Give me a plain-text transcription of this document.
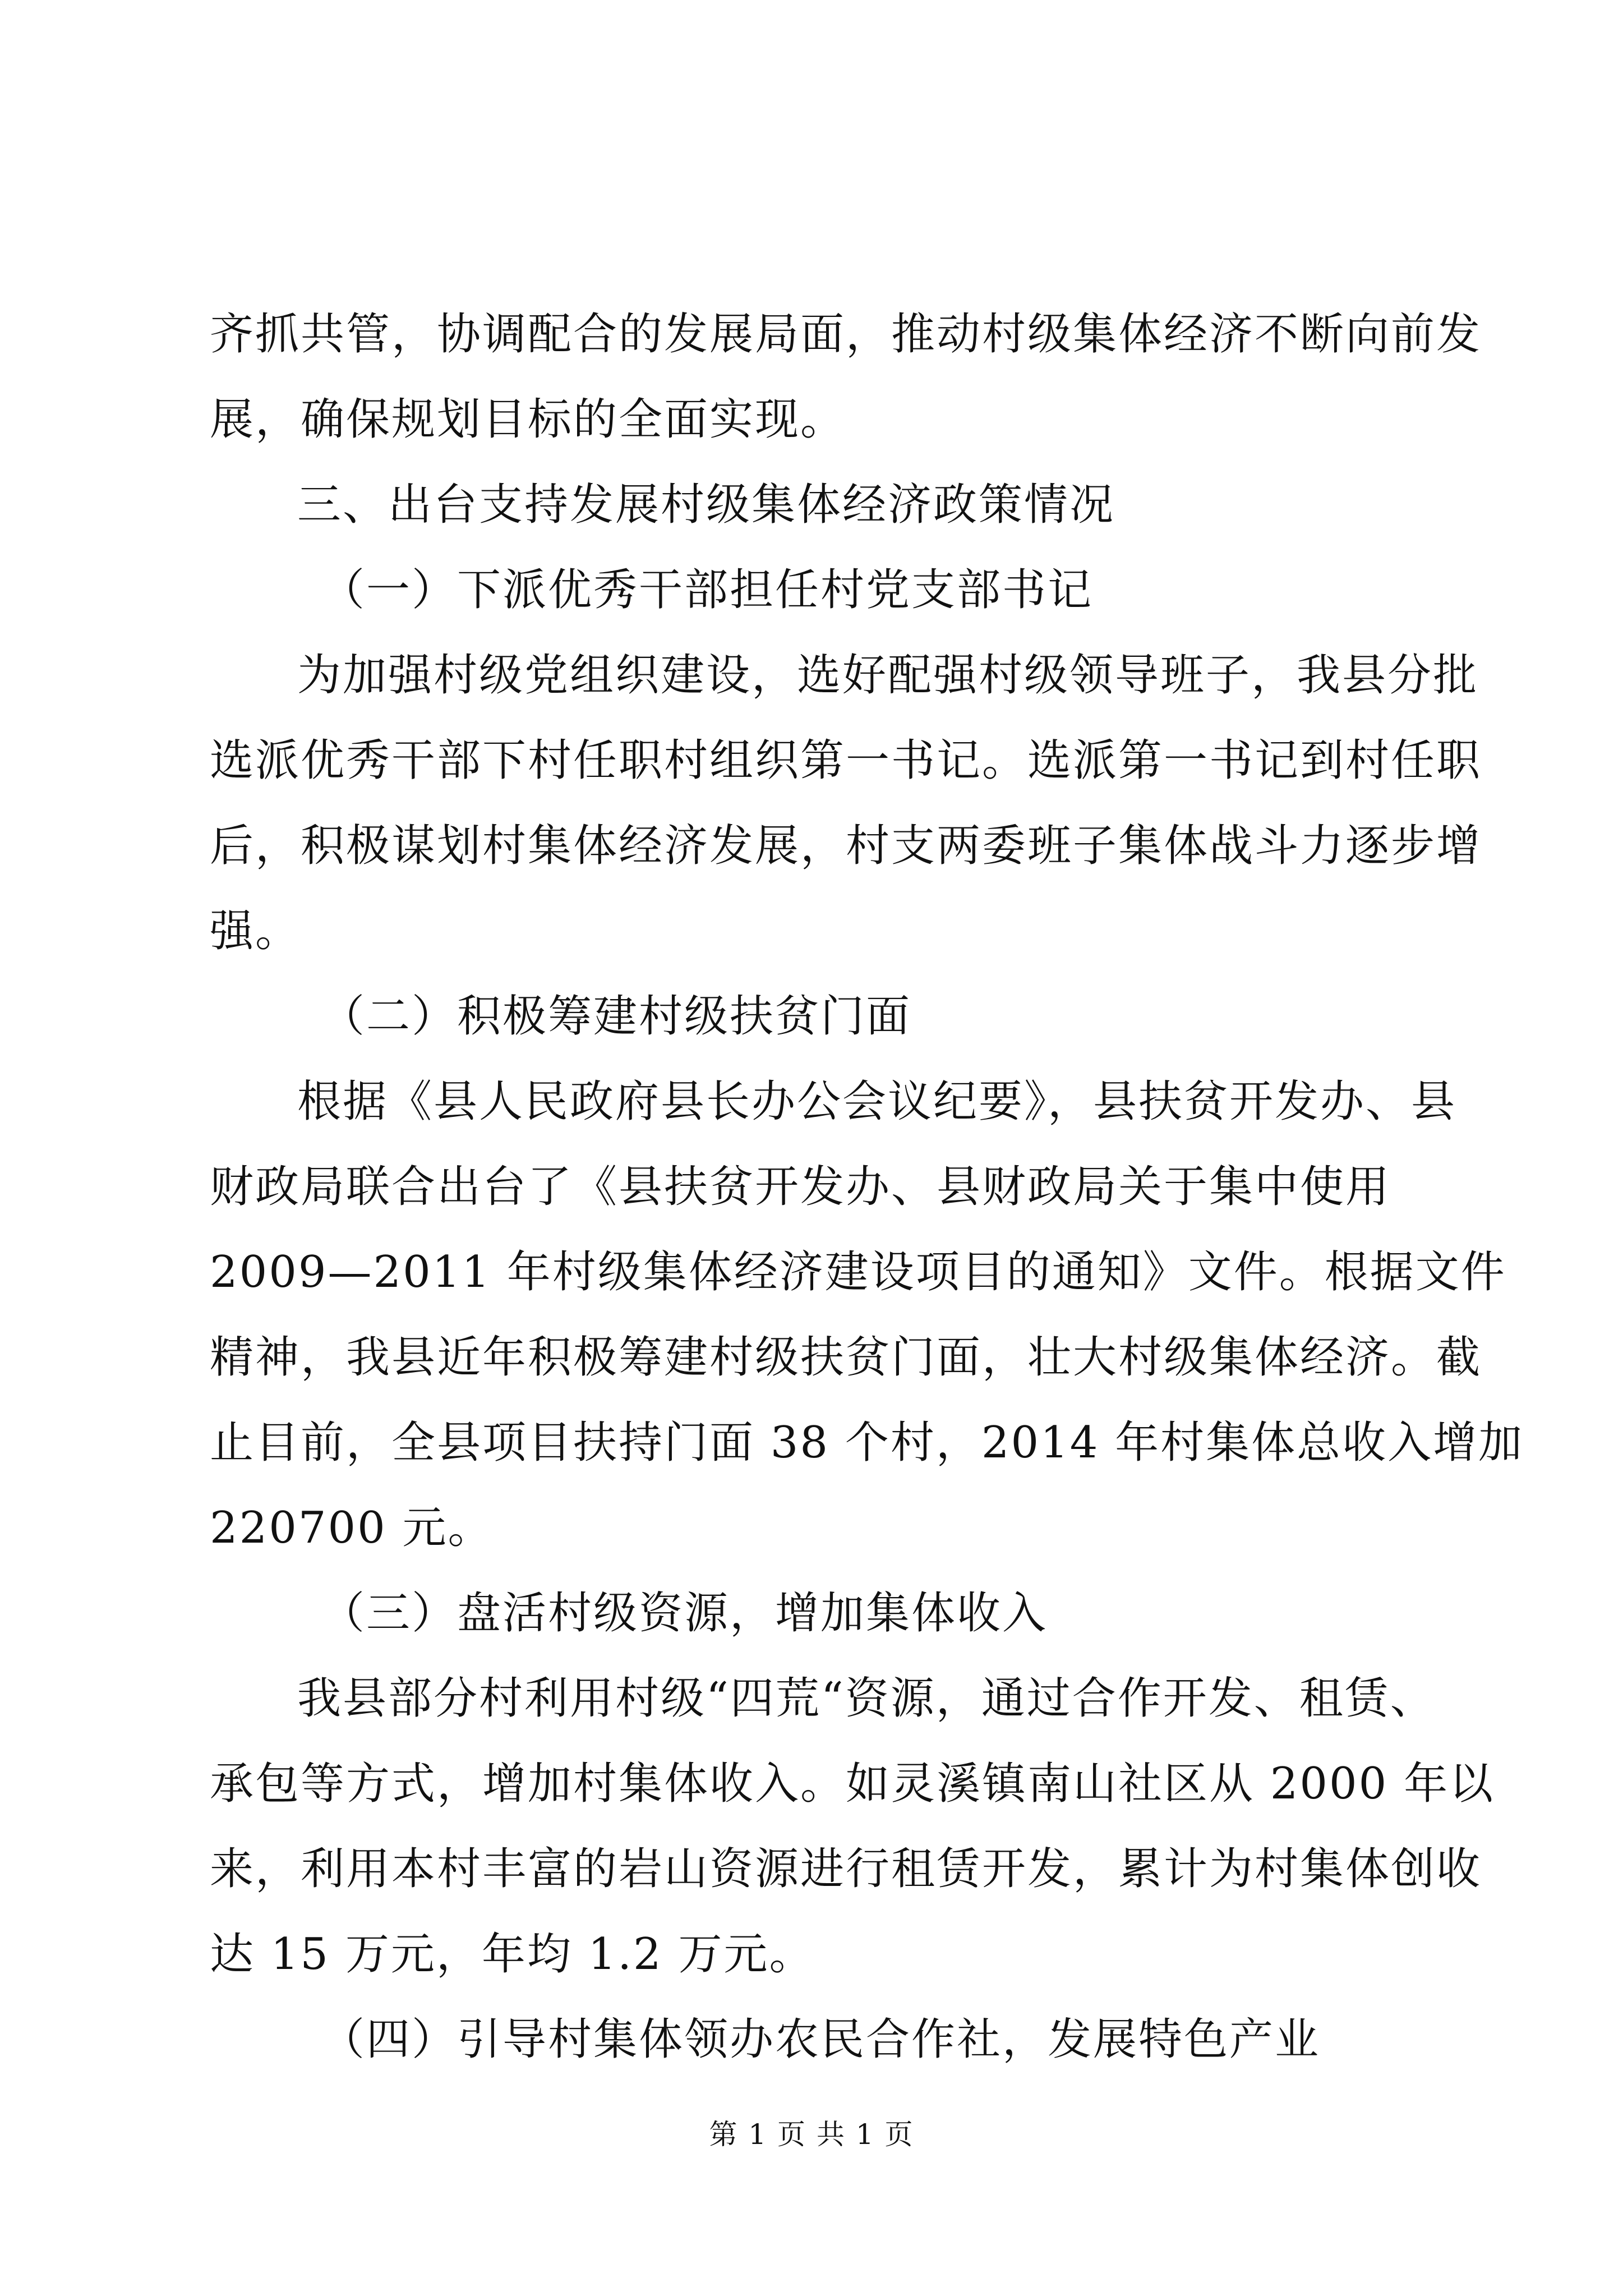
齐抓共管，协调配合的发展局面，推动村级集体经济不断向前发
展，确保规划目标的全面实现。
三、出台支持发展村级集体经济政策情况
（一）下派优秀干部担任村党支部书记
为加强村级党组织建设，选好配强村级领导班子，我县分批
选派优秀干部下村任职村组织第一书记。选派第一书记到村任职
后，积极谋划村集体经济发展，村支两委班子集体战斗力逐步增
强。
（二）积极筹建村级扶贫门面
根据《县人民政府县长办公会议纪要》，县扶贫开发办、县
财政局联合出台了《县扶贫开发办、县财政局关于集中使用
2009—2011 年村级集体经济建设项目的通知》文件。根据文件
精神，我县近年积极筹建村级扶贫门面，壮大村级集体经济。截
止目前，全县项目扶持门面 38 个村，2014 年村集体总收入增加
220700 元。
（三）盘活村级资源，增加集体收入
我县部分村利用村级“四荒“资源，通过合作开发、租赁、
承包等方式，增加村集体收入。如灵溪镇南山社区从 2000 年以
来，利用本村丰富的岩山资源进行租赁开发，累计为村集体创收
达 15 万元，年均 1.2 万元。
（四）引导村集体领办农民合作社，发展特色产业
第 1 页 共 1 页
